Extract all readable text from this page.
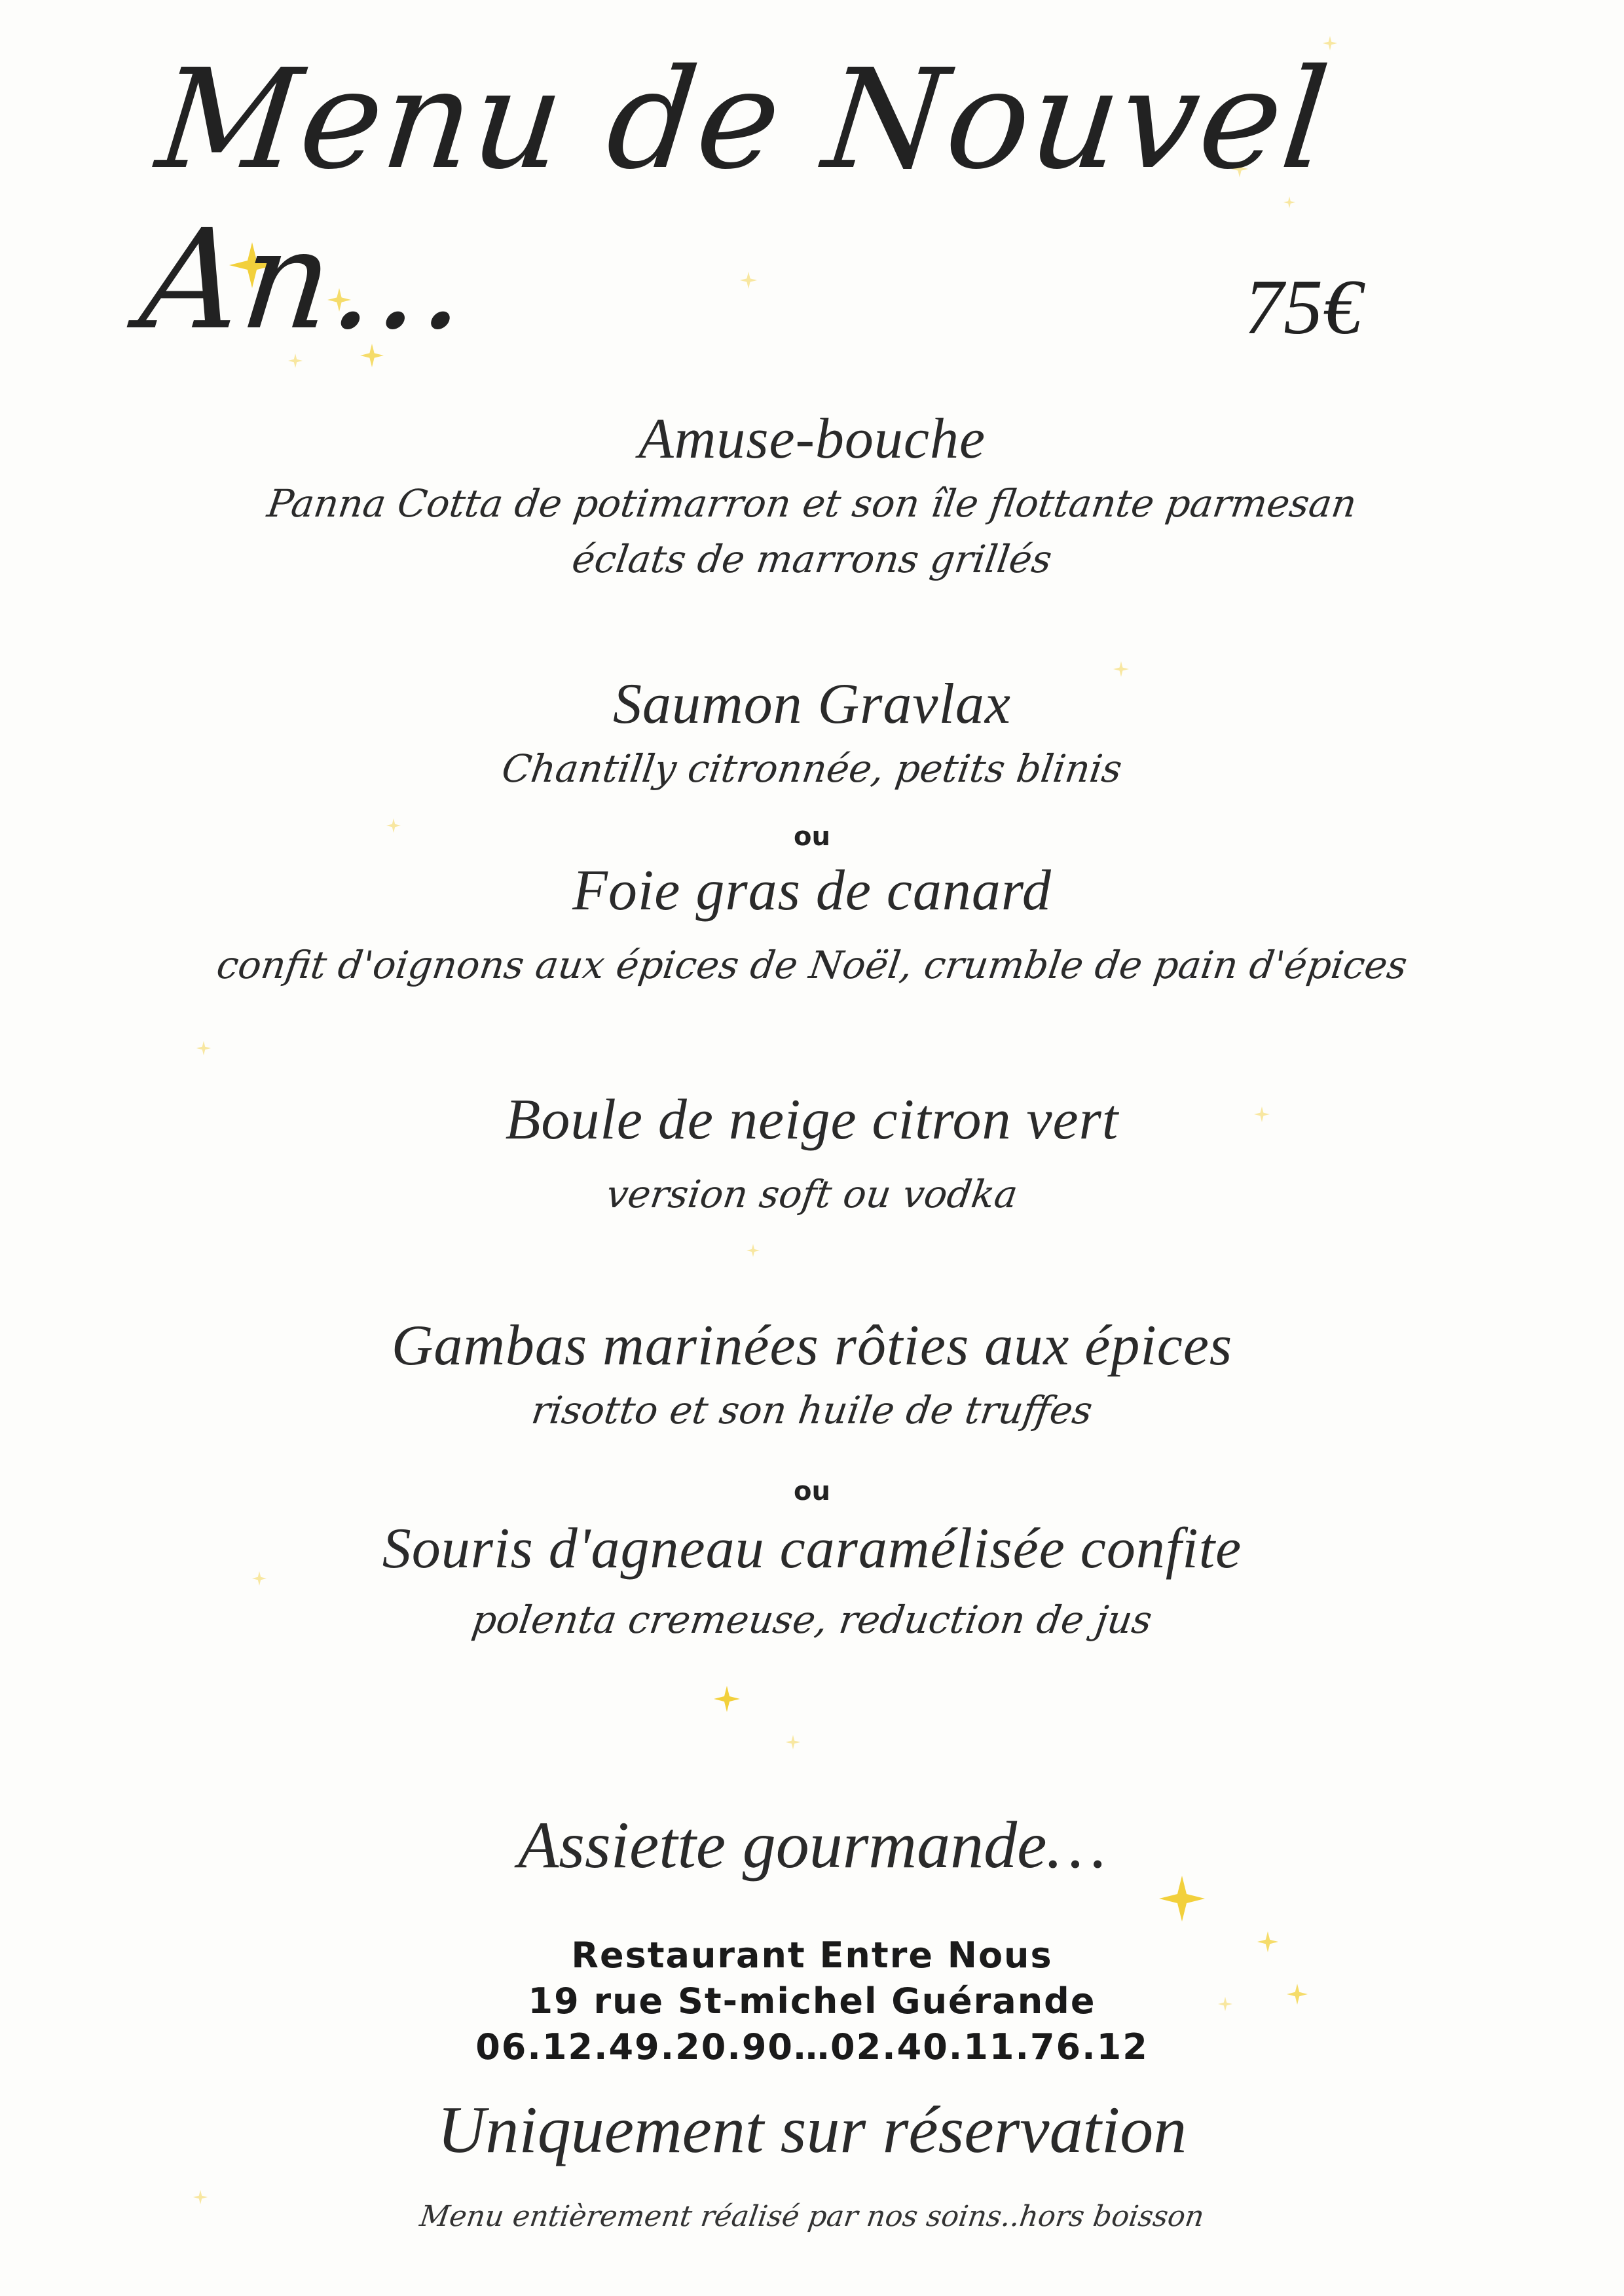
Menu de Nouvel An...	75€
Amuse-bouche
Panna Cotta de potimarron et son île flottante parmesan
éclats de marrons grillés
Saumon Gravlax
Chantilly citronnée, petits blinis
ou
Foie gras de canard
confit d'oignons aux épices de Noël, crumble de pain d'épices
Boule de neige citron vert
version soft ou vodka
Gambas marinées rôties aux épices
risotto et son huile de truffes
ou
Souris d'agneau caramélisée confite
polenta cremeuse, reduction de jus
Assiette gourmande…
Restaurant Entre Nous
19 rue St-michel Guérande
06.12.49.20.90…02.40.11.76.12
Uniquement sur réservation
Menu entièrement réalisé par nos soins..hors boisson
